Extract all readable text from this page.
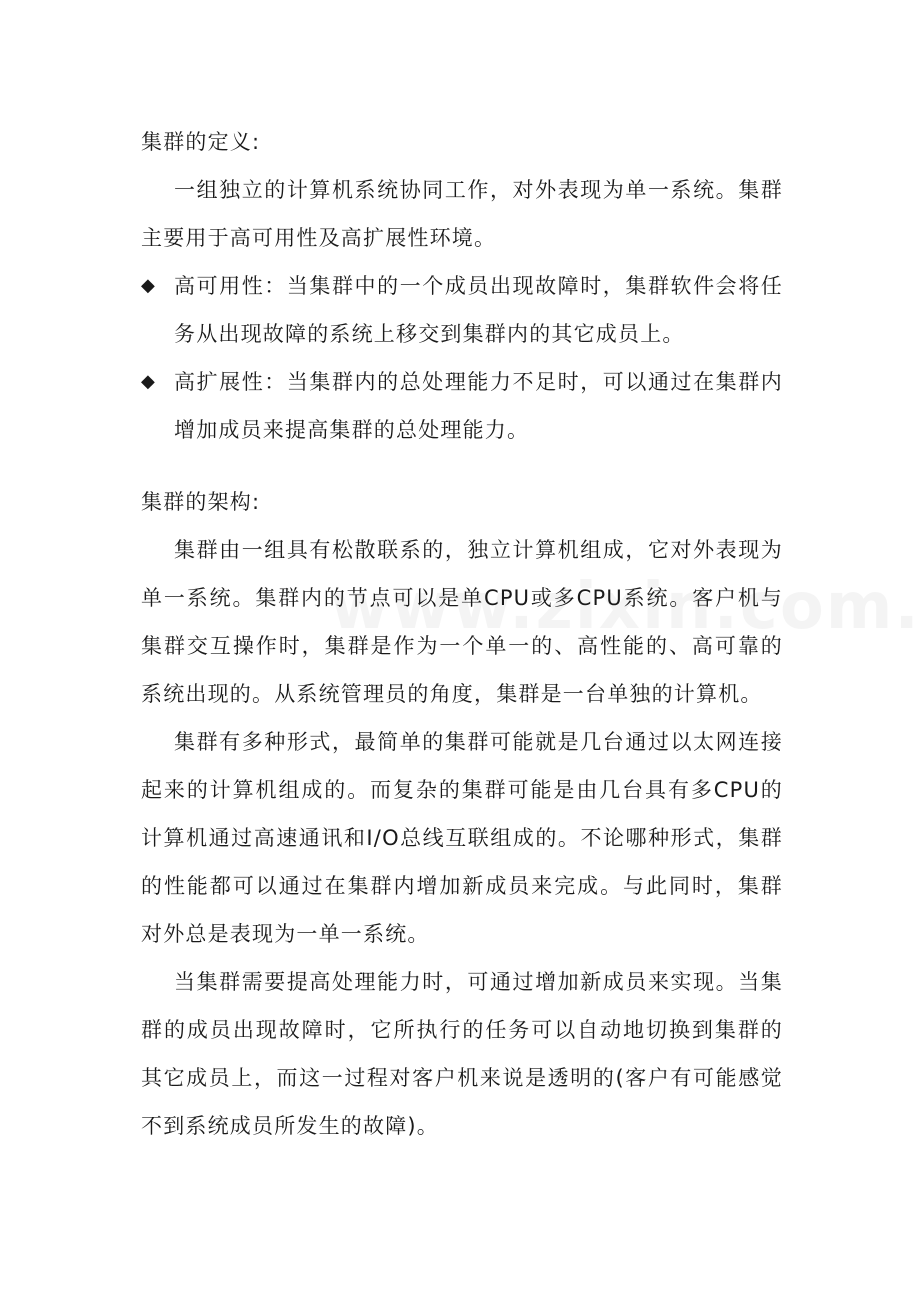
集群的定义:

一组独立的计算机系统协同工作，对外表现为单一系统。集群主要用于高可用性及高扩展性环境。

◆ 高可用性：当集群中的一个成员出现故障时，集群软件会将任务从出现故障的系统上移交到集群内的其它成员上。

◆ 高扩展性：当集群内的总处理能力不足时，可以通过在集群内增加成员来提高集群的总处理能力。

集群的架构:

集群由一组具有松散联系的，独立计算机组成，它对外表现为单一系统。集群内的节点可以是单CPU或多CPU系统。客户机与集群交互操作时，集群是作为一个单一的、高性能的、高可靠的系统出现的。从系统管理员的角度，集群是一台单独的计算机。

集群有多种形式，最简单的集群可能就是几台通过以太网连接起来的计算机组成的。而复杂的集群可能是由几台具有多CPU的计算机通过高速通讯和I/O总线互联组成的。不论哪种形式，集群的性能都可以通过在集群内增加新成员来完成。与此同时，集群对外总是表现为一单一系统。

当集群需要提高处理能力时，可通过增加新成员来实现。当集群的成员出现故障时，它所执行的任务可以自动地切换到集群的其它成员上，而这一过程对客户机来说是透明的(客户有可能感觉不到系统成员所发生的故障)。
